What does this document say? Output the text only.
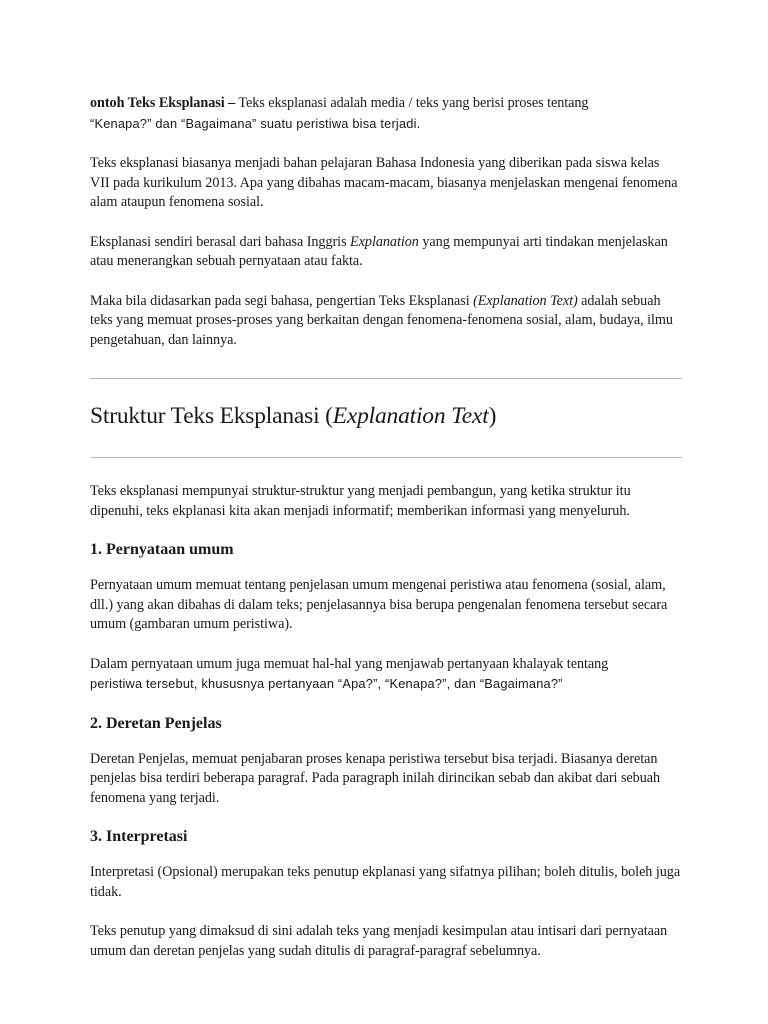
ontoh Teks Eksplanasi – Teks eksplanasi adalah media / teks yang berisi proses tentang
“Kenapa?” dan “Bagaimana” suatu peristiwa bisa terjadi.

Teks eksplanasi biasanya menjadi bahan pelajaran Bahasa Indonesia yang diberikan pada siswa kelas VII pada kurikulum 2013. Apa yang dibahas macam-macam, biasanya menjelaskan mengenai fenomena alam ataupun fenomena sosial.

Eksplanasi sendiri berasal dari bahasa Inggris Explanation yang mempunyai arti tindakan menjelaskan atau menerangkan sebuah pernyataan atau fakta.

Maka bila didasarkan pada segi bahasa, pengertian Teks Eksplanasi (Explanation Text) adalah sebuah teks yang memuat proses-proses yang berkaitan dengan fenomena-fenomena sosial, alam, budaya, ilmu pengetahuan, dan lainnya.

Struktur Teks Eksplanasi (Explanation Text)

Teks eksplanasi mempunyai struktur-struktur yang menjadi pembangun, yang ketika struktur itu dipenuhi, teks ekplanasi kita akan menjadi informatif; memberikan informasi yang menyeluruh.

1. Pernyataan umum

Pernyataan umum memuat tentang penjelasan umum mengenai peristiwa atau fenomena (sosial, alam, dll.) yang akan dibahas di dalam teks; penjelasannya bisa berupa pengenalan fenomena tersebut secara umum (gambaran umum peristiwa).

Dalam pernyataan umum juga memuat hal-hal yang menjawab pertanyaan khalayak tentang
peristiwa tersebut, khususnya pertanyaan “Apa?”, “Kenapa?”, dan “Bagaimana?”

2. Deretan Penjelas

Deretan Penjelas, memuat penjabaran proses kenapa peristiwa tersebut bisa terjadi. Biasanya deretan penjelas bisa terdiri beberapa paragraf. Pada paragraph inilah dirincikan sebab dan akibat dari sebuah fenomena yang terjadi.

3. Interpretasi

Interpretasi (Opsional) merupakan teks penutup ekplanasi yang sifatnya pilihan; boleh ditulis, boleh juga tidak.

Teks penutup yang dimaksud di sini adalah teks yang menjadi kesimpulan atau intisari dari pernyataan umum dan deretan penjelas yang sudah ditulis di paragraf-paragraf sebelumnya.
